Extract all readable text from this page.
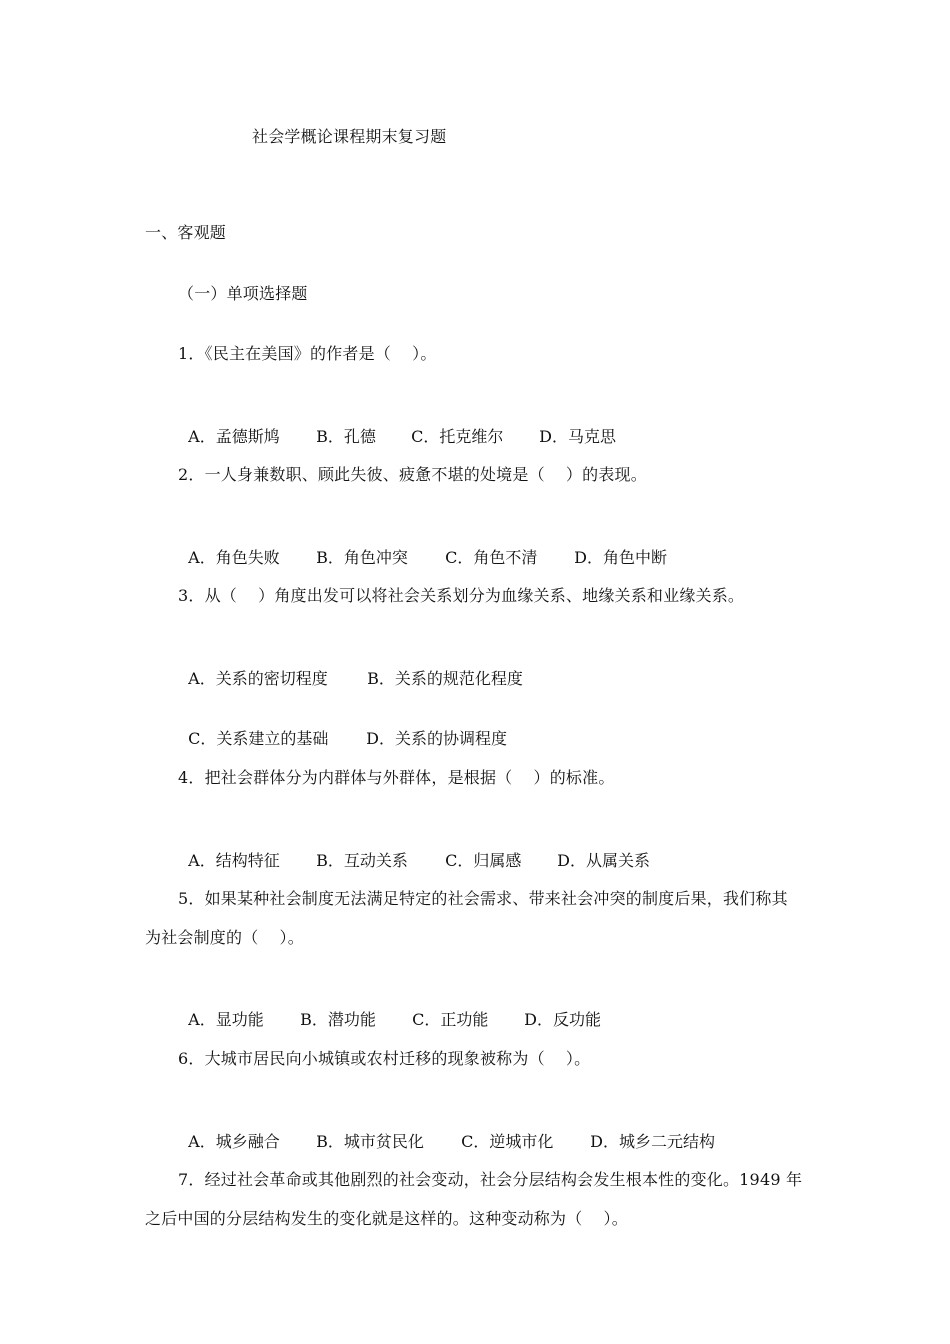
社会学概论课程期末复习题
一、客观题
（一）单项选择题
1．《民主在美国》的作者是（    ）。

A．孟德斯鸠 B．孔德 C．托克维尔 D．马克思

2．一人身兼数职、顾此失彼、疲惫不堪的处境是（    ）的表现。

A．角色失败 B．角色冲突 C．角色不清 D．角色中断

3．从（    ）角度出发可以将社会关系划分为血缘关系、地缘关系和业缘关系。

A．关系的密切程度 B．关系的规范化程度

C．关系建立的基础 D．关系的协调程度

4．把社会群体分为内群体与外群体，是根据（    ）的标准。

A．结构特征 B．互动关系 C．归属感 D．从属关系

5．如果某种社会制度无法满足特定的社会需求、带来社会冲突的制度后果，我们称其
为社会制度的（    ）。

A．显功能 B．潜功能 C．正功能 D．反功能

6．大城市居民向小城镇或农村迁移的现象被称为（    ）。

A．城乡融合 B．城市贫民化 C．逆城市化 D．城乡二元结构

7．经过社会革命或其他剧烈的社会变动，社会分层结构会发生根本性的变化。1949 年
之后中国的分层结构发生的变化就是这样的。这种变动称为（    ）。
